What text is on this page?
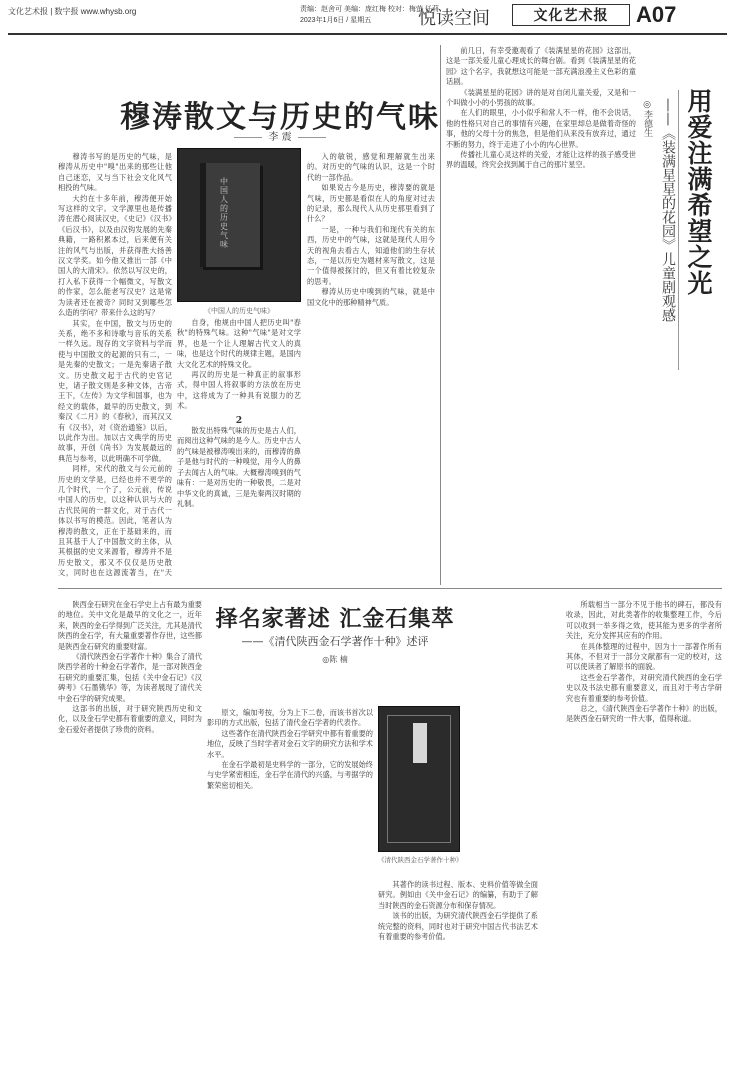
文化艺术报 | 数字报 www.whysb.org	责编：赵舍可 美编：庞红梅 校对：梅萤 任莉
2023年1月6日 / 星期五	悦读空间	文化艺术报	A07
穆涛散文与历史的气味
李 震
中国人的历史气味
《中国人的历史气味》

穆涛书写的是历史的气味，是穆涛从历史中"嗅"出来的那些让他自己迷恋，又与当下社会文化风气相投的气味。

大约在十多年前，穆涛便开始写这样的文字。文学源里也是传播涛在潜心阅读汉史，《史记》《汉书》《后汉书》，以及由汉钩发展的先秦典籍，一路积累本过，后来便有关注的风气与出版，并获得胜大扬善汉文学奖。如今他又推出一部《中国人的大清宋》。依然以写汉史的，打入私下获得一个幅微文，写散文的作家，怎么能老写汉史？这是常为读者还在被奇？同时又到哪些怎么造的学问？带来什么这的写？

其实，在中国，散文与历史的关系，绝不多和诗歌与音乐的关系一样久远。现存的文字资料与学而使与中国散文的起源的只有二，一是先秦的史散文；一是先秦诸子散文。历史散文起于古代的史官记史，诸子散文则是多种文体，古帝王下，《左传》为文学和国事，也为经文的载体，最早的历史散文，到秦汉《二月》的《春秋》，而其汉又有《汉书》，对《资治通鉴》以后，以此作为出。加以古文典学的历史故事，开创《尚书》为发展最远的典范与参考，以此明确不可学做。

同样，宋代的散文与公元前的历史的文学是，已经也并不更学的几个时代，一个了，公元前，传说中国人的历史，以这种认识与大的古代民间的一群文化，对于古代一体以书写的模范。因此，笔者认为穆涛的散文，正在于基础来的，而且其基于人了中国散文的主体，从其根据的史文来源着，穆涛并不是历史散文，那又不仅仅是历史散文，同时也在这源流著当，在"天

自身，他规由中国人把历史叫"春秋"的特殊气味。这种"气味"是对文学界，也是一个让人理解古代文人的真味，也是这个时代的规律主题，是国内大文化艺术的特殊文化。

再汉的历史是一种真正的叙事形式，得中国人将叙事的方法放在历史中，这将成为了一种具有说服力的艺术。

2

散发出特殊气味的历史是古人们，而阅出这种气味的是今人。历史中古人的气味是被穆涛嗅出来的，而穆涛的鼻子是他与时代的一种嗅觉，用今人的鼻子去闻古人的气味。大概穆涛嗅到的气味有：一是对历史的一种敬畏，二是对中华文化的真诚，三是先秦两汉时期的礼制。

入的敏锐，感觉和理解就生出来的。对历史的气味的认识，这是一个时代的一部作品。

如果说古今是历史，穆涛要的就是气味，历史都是看似在人的角度对过去的记录，那么现代人从历史那里看到了什么？

一是，一种与我们和现代有关的东西，历史中的气味，这就是现代人用今天的视角去看古人，知道他们的生存状态，一是以历史为题材来写散文，这是一个值得被探讨的，但又有着比较复杂的思考。

穆涛从历史中嗅到的气味，就是中国文化中的那种精神气质。

前几日，有幸受邀观看了《装满星星的花园》这部出，这是一部关爱儿童心理成长的舞台剧。看到《装满星星的花园》这个名字，我就想这可能是一部充满浪漫主义色彩的童话剧。

《装满星星的花园》讲的是对自闭儿童关爱，又是和一个叫做小小的小男孩的故事。

在人们的眼里，小小似乎和常人不一样，他不会说话，他的性格只对自己的事情有兴趣，在家里却总是做着奇怪的事，他的父母十分的焦急，但是他们从来没有放弃过，通过不断的努力，终于走进了小小的内心世界。

传播社儿童心灵这样的关爱，才能让这样的孩子感受世界的温暖，终究会找到属于自己的那片星空。	用爱注满希望之光
——《装满星星的花园》儿童剧观感
◎李德生

陕西金石研究在金石学史上占有最为重要的地位。关中文化是最早的文化之一，近年来，陕西的金石学得到广泛关注，尤其是清代陕西的金石学，有大量重要著作存世，这些都是陕西金石研究的重要财富。

《清代陕西金石学著作十种》集合了清代陕西学者的十种金石学著作，是一部对陕西金石研究的重要汇集，包括《关中金石记》《汉碑考》《石墨镌华》等，为读者展现了清代关中金石学的研究成果。

这部书的出版，对于研究陕西历史和文化，以及金石学史都有着重要的意义，同时为金石爱好者提供了珍贵的资料。

择名家著述 汇金石集萃
——《清代陕西金石学著作十种》述评
◎陈 楠

原文，编加考按，分为上下二卷，而该书首次以影印的方式出版，包括了清代金石学者的代表作。

这些著作在清代陕西金石学研究中都有着重要的地位，反映了当时学者对金石文字的研究方法和学术水平。

在金石学最初是史料学的一部分，它的发展始终与史学紧密相连，金石学在清代的兴盛，与考据学的繁荣密切相关。

《清代陕西金石学著作十种》

其著作的读书过程、版本、史料价值等做全面研究。例如由《关中金石记》的编纂，有助于了解当时陕西的金石资源分布和保存情况。

该书的出版，为研究清代陕西金石学提供了系统完整的资料，同时也对于研究中国古代书法艺术有着重要的参考价值。

所载相当一部分不见于他书的碑石，都没有收录，因此，对此类著作的收集整理工作，今后可以收到一举多得之效，使其能为更多的学者所关注，充分发挥其应有的作用。

在具体整理的过程中，因为十一部著作所有其体，不但对于一部分文献都有一定的校对，这可以使读者了解原书的面貌。

这些金石学著作，对研究清代陕西的金石学史以及书法史都有重要意义，而且对于考古学研究也有着重要的参考价值。

总之，《清代陕西金石学著作十种》的出版，是陕西金石研究的一件大事，值得称道。
